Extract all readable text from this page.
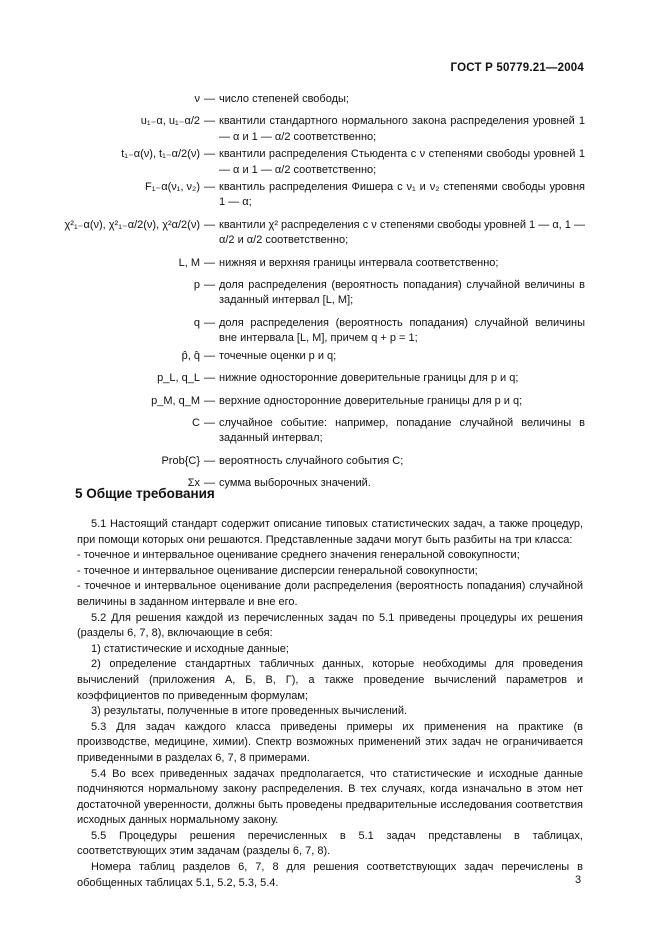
ГОСТ Р 50779.21—2004
ν — число степеней свободы;
u₁₋α, u₁₋α/2 — квантили стандартного нормального закона распределения уровней 1 — α и 1 — α/2 соответственно;
t₁₋α(ν), t₁₋α/2(ν) — квантили распределения Стьюдента с ν степенями свободы уровней 1 — α и 1 — α/2 соответственно;
F₁₋α(ν₁, ν₂) — квантиль распределения Фишера с ν₁ и ν₂ степенями свободы уровня 1 — α;
χ²₁₋α(ν), χ²₁₋α/2(ν), χ²α/2(ν) — квантили χ² распределения с ν степенями свободы уровней 1 — α, 1 — α/2 и α/2 соответственно;
L, M — нижняя и верхняя границы интервала соответственно;
p — доля распределения (вероятность попадания) случайной величины в заданный интервал [L, M];
q — доля распределения (вероятность попадания) случайной величины вне интервала [L, M], причем q + p = 1;
p̂, q̂ — точечные оценки p и q;
p_L, q_L — нижние односторонние доверительные границы для p и q;
p_M, q_M — верхние односторонние доверительные границы для p и q;
C — случайное событие: например, попадание случайной величины в заданный интервал;
Prob{C} — вероятность случайного события C;
Σx — сумма выборочных значений.
5 Общие требования

5.1 Настоящий стандарт содержит описание типовых статистических задач, а также процедур, при помощи которых они решаются. Представленные задачи могут быть разбиты на три класса:

- точечное и интервальное оценивание среднего значения генеральной совокупности;

- точечное и интервальное оценивание дисперсии генеральной совокупности;

- точечное и интервальное оценивание доли распределения (вероятность попадания) случайной величины в заданном интервале и вне его.

5.2 Для решения каждой из перечисленных задач по 5.1 приведены процедуры их решения (разделы 6, 7, 8), включающие в себя:

1) статистические и исходные данные;

2) определение стандартных табличных данных, которые необходимы для проведения вычислений (приложения А, Б, В, Г), а также проведение вычислений параметров и коэффициентов по приведенным формулам;

3) результаты, полученные в итоге проведенных вычислений.

5.3 Для задач каждого класса приведены примеры их применения на практике (в производстве, медицине, химии). Спектр возможных применений этих задач не ограничивается приведенными в разделах 6, 7, 8 примерами.

5.4 Во всех приведенных задачах предполагается, что статистические и исходные данные подчиняются нормальному закону распределения. В тех случаях, когда изначально в этом нет достаточной уверенности, должны быть проведены предварительные исследования соответствия исходных данных нормальному закону.

5.5 Процедуры решения перечисленных в 5.1 задач представлены в таблицах, соответствующих этим задачам (разделы 6, 7, 8).

Номера таблиц разделов 6, 7, 8 для решения соответствующих задач перечислены в обобщенных таблицах 5.1, 5.2, 5.3, 5.4.	3
